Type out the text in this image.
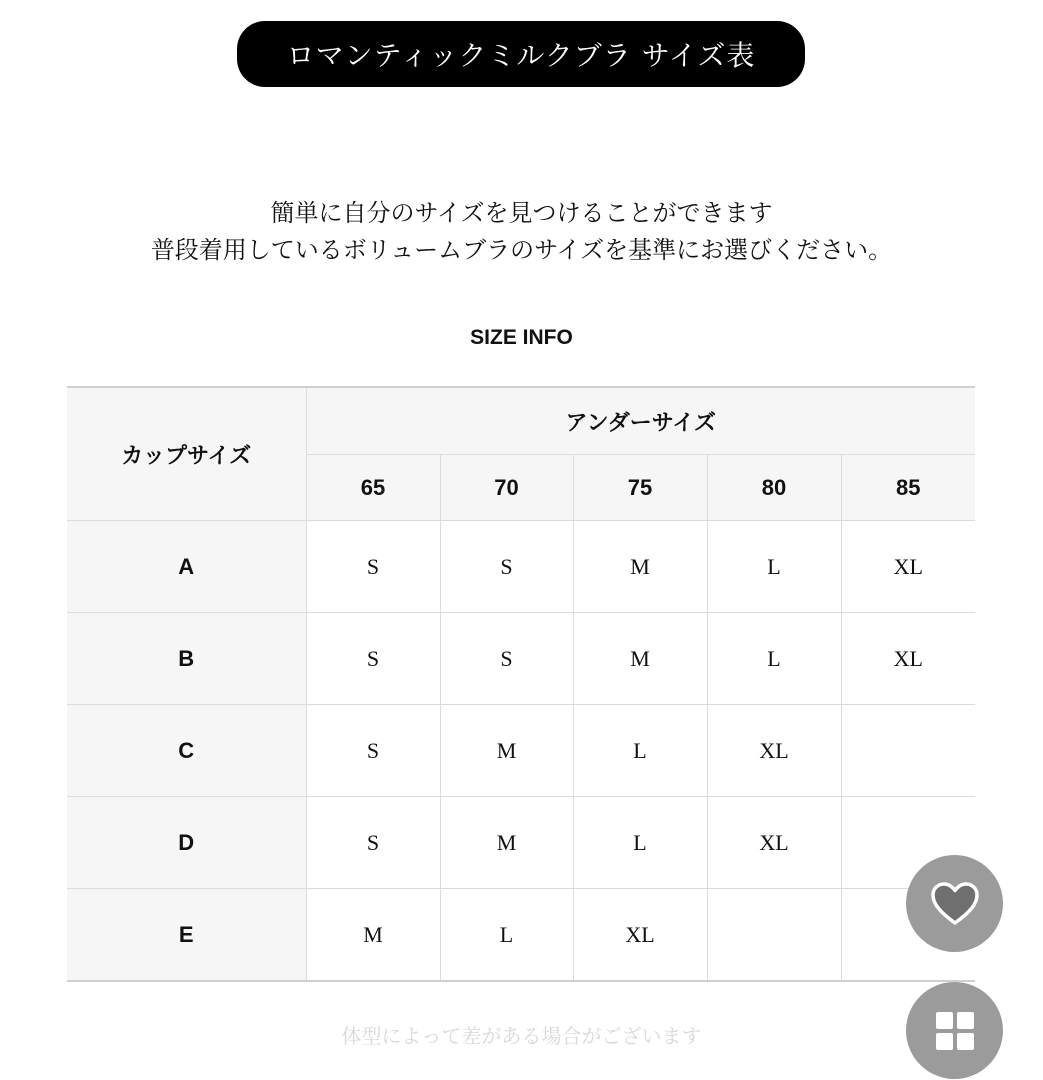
ロマンティックミルクブラ サイズ表
簡単に自分のサイズを見つけることができます
普段着用しているボリュームブラのサイズを基準にお選びください。
SIZE INFO
カップサイズ	アンダーサイズ				
	65	70	75	80	85
A	S	S	M	L	XL
B	S	S	M	L	XL
C	S	M	L	XL	
D	S	M	L	XL	
E	M	L	XL		
体型によって差がある場合がございます
